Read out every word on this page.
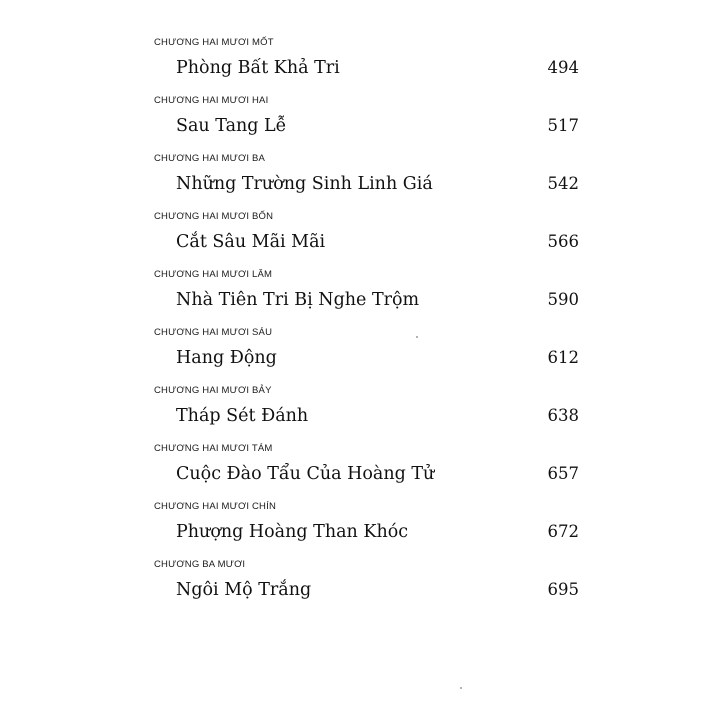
CHƯƠNG HAI MƯƠI MỐT
Phòng Bất Khả Tri	494
CHƯƠNG HAI MƯƠI HAI
Sau Tang Lễ	517
CHƯƠNG HAI MƯƠI BA
Những Trường Sinh Linh Giá	542
CHƯƠNG HAI MƯƠI BỐN
Cắt Sâu Mãi Mãi	566
CHƯƠNG HAI MƯƠI LĂM
Nhà Tiên Tri Bị Nghe Trộm	590
CHƯƠNG HAI MƯƠI SÁU
Hang Động	612
CHƯƠNG HAI MƯƠI BẢY
Tháp Sét Đánh	638
CHƯƠNG HAI MƯƠI TÁM
Cuộc Đào Tẩu Của Hoàng Tử	657
CHƯƠNG HAI MƯƠI CHÍN
Phượng Hoàng Than Khóc	672
CHƯƠNG BA MƯƠI
Ngôi Mộ Trắng	695
